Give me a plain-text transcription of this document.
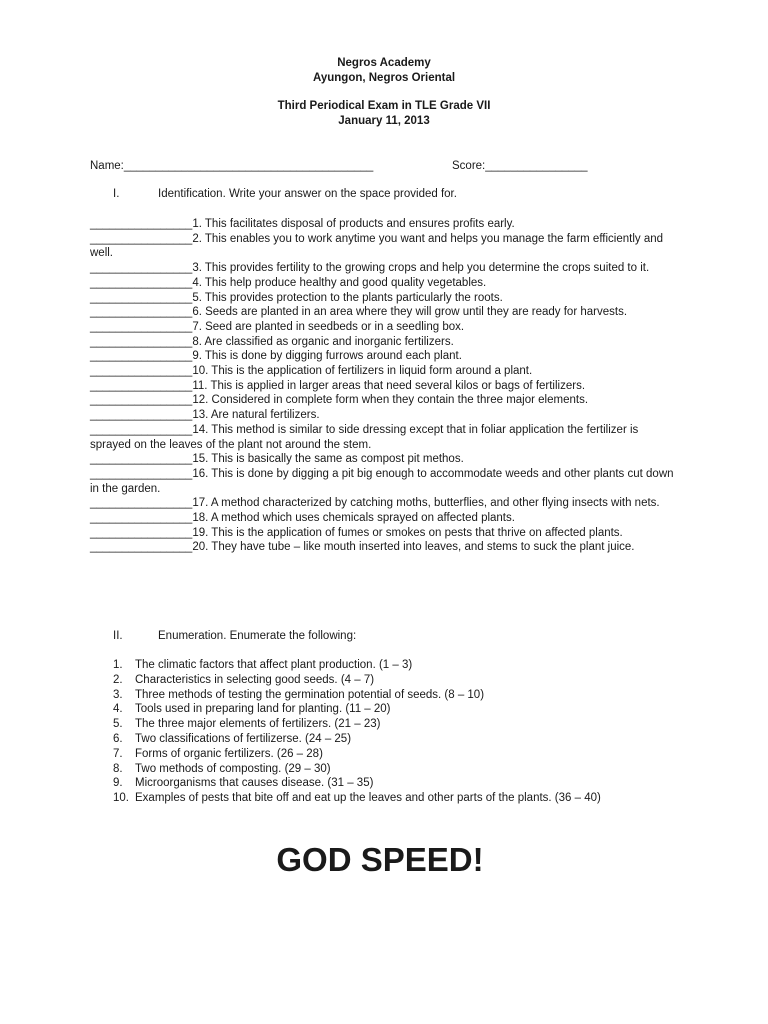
Negros Academy
Ayungon, Negros Oriental
Third Periodical Exam in TLE Grade VII
January 11, 2013
Name:_______________________________________	Score:________________
I.	Identification. Write your answer on the space provided for.
________________1. This facilitates disposal of products and ensures profits early.
________________2. This enables you to work anytime you want and helps you manage the farm efficiently and well.
________________3. This provides fertility to the growing crops and help you determine the crops suited to it.
________________4. This help produce healthy and good quality vegetables.
________________5. This provides protection to the plants particularly the roots.
________________6. Seeds are planted in an area where they will grow until they are ready for harvests.
________________7. Seed are planted in seedbeds or in a seedling box.
________________8. Are classified as organic and inorganic fertilizers.
________________9. This is done by digging furrows around each plant.
________________10. This is the application of fertilizers in liquid form around a plant.
________________11. This is applied in larger areas that need several kilos or bags of fertilizers.
________________12. Considered in complete form when they contain the three major elements.
________________13. Are natural fertilizers.
________________14. This method is similar to side dressing except that in foliar application the fertilizer is sprayed on the leaves of the plant not around the stem.
________________15. This is basically the same as compost pit methos.
________________16. This is done by digging a pit big enough to accommodate weeds and other plants cut down in the garden.
________________17. A method characterized by catching moths, butterflies, and other flying insects with nets.
________________18. A method which uses chemicals sprayed on affected plants.
________________19. This is the application of fumes or smokes on pests that thrive on affected plants.
________________20. They have tube – like mouth inserted into leaves, and stems to suck the plant juice.
II.	Enumeration. Enumerate the following:
1. The climatic factors that affect plant production. (1 – 3)
2. Characteristics in selecting good seeds. (4 – 7)
3. Three methods of testing the germination potential of seeds. (8 – 10)
4. Tools used in preparing land for planting. (11 – 20)
5. The three major elements of fertilizers. (21 – 23)
6. Two classifications of fertilizerse. (24 – 25)
7. Forms of organic fertilizers. (26 – 28)
8. Two methods of composting. (29 – 30)
9. Microorganisms that causes disease. (31 – 35)
10. Examples of pests that bite off and eat up the leaves and other parts of the plants. (36 – 40)
GOD SPEED!
